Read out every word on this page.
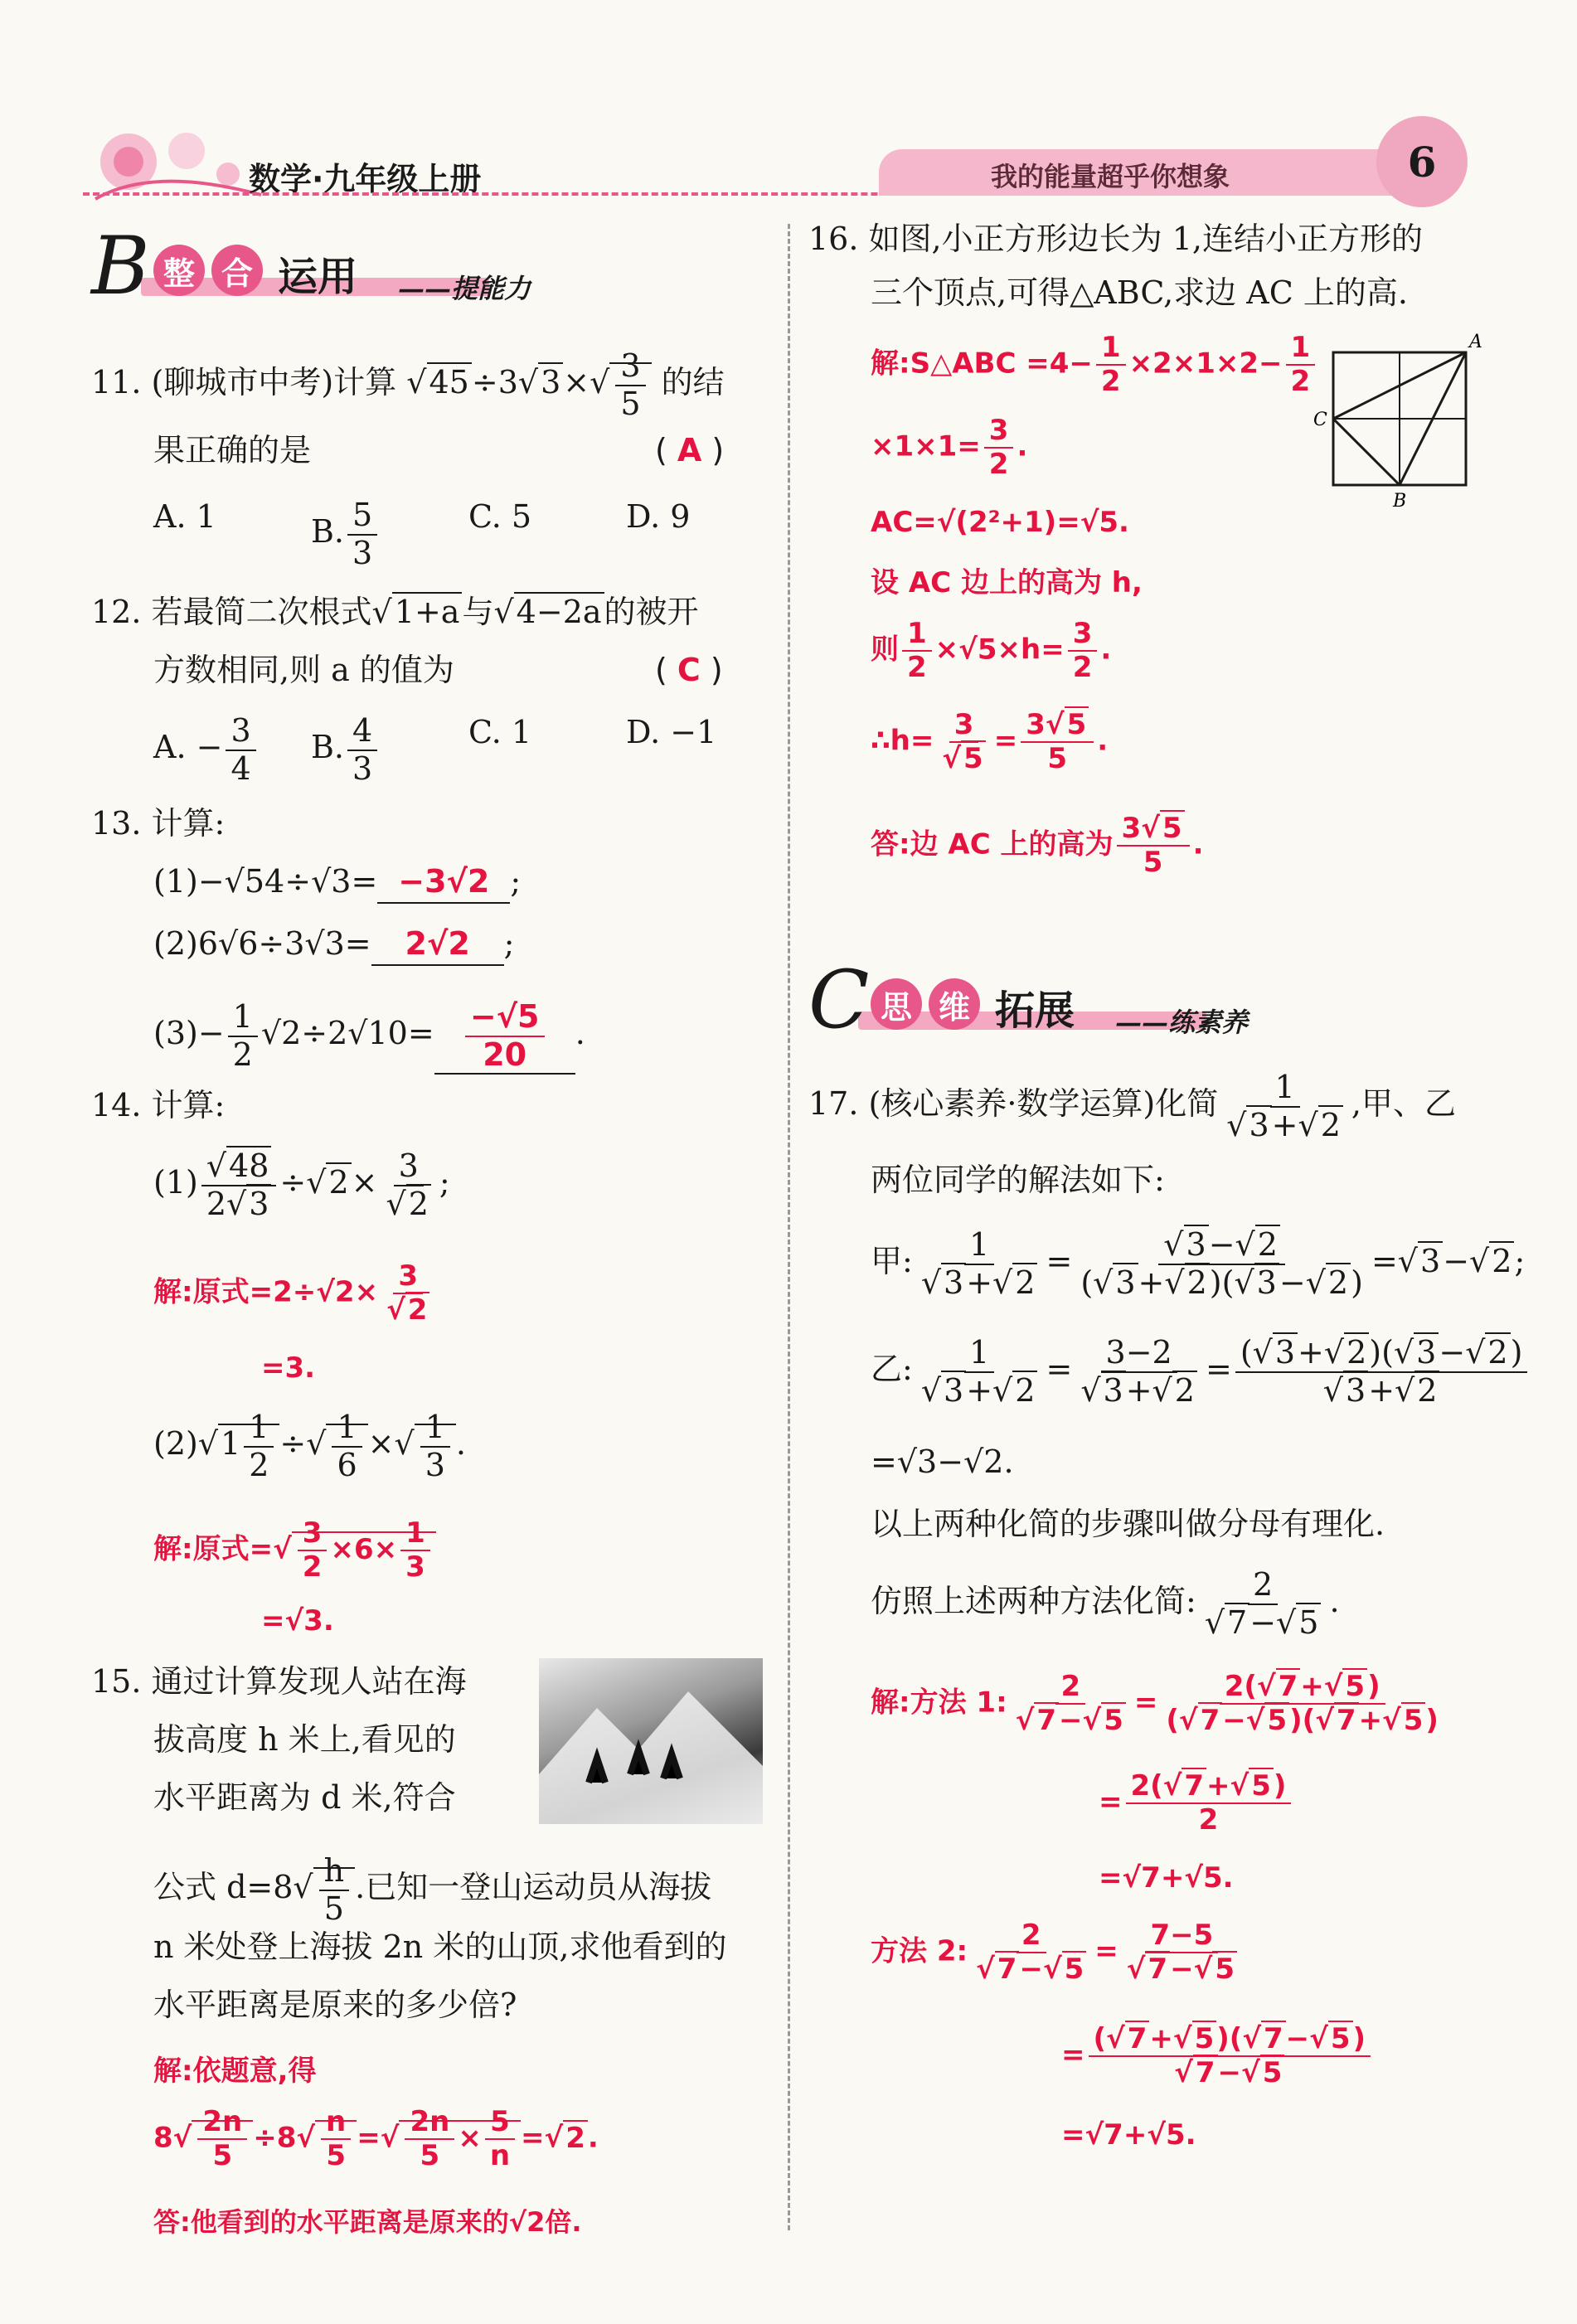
数学·九年级上册	我的能量超乎你想象	6
B 整 合 运用 ——提能力
11. (聊城市中考)计算 $√45\div 3√3\times√ \frac{3}{5}$ 的结
果正确的是	( A )
A. 1	B. $\frac{5}{3}$	C. 5	D. 9
12. 若最简二次根式√1+a与√4−2a的被开
方数相同,则 a 的值为	( C )
A. − $\frac{3}{4} B$. $\frac{4}{3}$	C. 1	D. −1
13. 计算:
(1)−√54÷√3= −3√2 ;
(2)6√6÷3√3= 2√2 ;
$(3)- \frac{1}{2} √2\div 2√10= \frac{-√5}{20}$ .
14. 计算:
$(1) \frac{√48}{2√3} \div√2\times \frac{3}{√2}$ ;
解:原式$=2\div√2\times \frac{3}{√2}$
=3.
$(2)√1 \frac{1}{2}$ ÷√ $\frac{1}{6}$ ×√ $\frac{1}{3}$ .
解:原式=√ $\frac{3}{2} \times 6\times \frac{1}{3}$
=√3.
15. 通过计算发现人站在海
拔高度 h 米上,看见的
水平距离为 d 米,符合
公式 $d=8√ \frac{h}{5}$ .已知一登山运动员从海拔
n 米处登上海拔 2n 米的山顶,求他看到的
水平距离是原来的多少倍?
解:依题意,得
$8√ \frac{2n}{5} \div 8√ \frac{n}{5}$ =√ $\frac{2n}{5} \times \frac{5}{n} =√2$.
答:他看到的水平距离是原来的√2倍.
16. 如图,小正方形边长为 1,连结小正方形的
三个顶点,可得△ABC,求边 AC 上的高.
解:S△ABC $=4- \frac{1}{2} \times 2\times 1\times 2- \frac{1}{2}$
$\times 1\times 1= \frac{3}{2}$ .
AC=√(2²+1)=√5.
设 AC 边上的高为 h,
则 $\frac{1}{2} \times√5\times h= \frac{3}{2}$ .
∴h= $\frac{3}{√5} = \frac{3√5}{5}$ .
答:边 AC 上的高为 $\frac{3√5}{5}$ .
A
B
C
C 思 维 拓展 ——练素养
17. (核心素养·数学运算)化简 $\frac{1}{√3+√2}$ ,甲、乙
两位同学的解法如下:
甲: $\frac{1}{√3+√2} = \frac{√3-√2}{(√3+√2)(√3-√2)} =√3-√2$;
乙: $\frac{1}{√3+√2} = \frac{3-2}{√3+√2} = \frac{(√3+√2)(√3-√2)}{√3+√2}$
=√3−√2.
以上两种化简的步骤叫做分母有理化.
仿照上述两种方法化简: $\frac{2}{√7-√5}$ .
解:方法 1: $\frac{2}{√7-√5} = \frac{2(√7+√5)}{(√7-√5)(√7+√5)}$
= $\frac{2(√7+√5)}{2}$
=√7+√5.
方法 2: $\frac{2}{√7-√5} = \frac{7-5}{√7-√5}$
= $\frac{(√7+√5)(√7-√5)}{√7-√5}$
=√7+√5.
